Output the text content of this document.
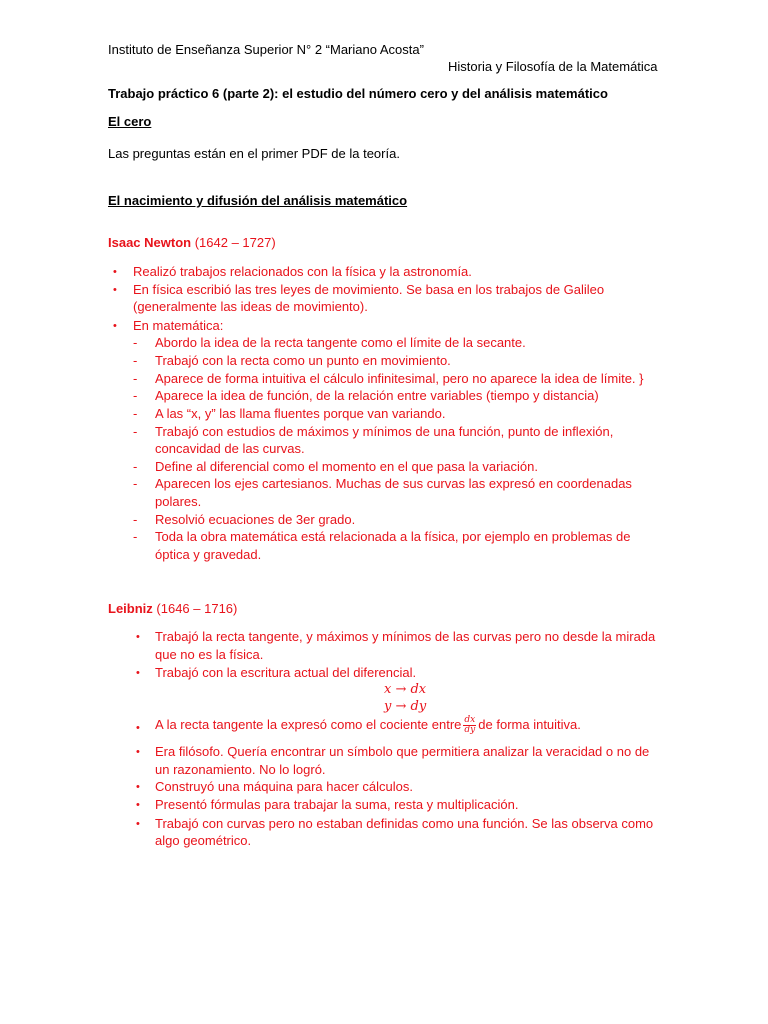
Instituto de Enseñanza Superior N° 2 “Mariano Acosta”
Historia y Filosofía de la Matemática
Trabajo práctico 6 (parte 2): el estudio del número cero y del análisis matemático
El cero
Las preguntas están en el primer PDF de la teoría.
El nacimiento y difusión del análisis matemático
Isaac Newton (1642 – 1727)
• Realizó trabajos relacionados con la física y la astronomía.
• En física escribió las tres leyes de movimiento. Se basa en los trabajos de Galileo
(generalmente las ideas de movimiento).
• En matemática:
- Abordo la idea de la recta tangente como el límite de la secante.
- Trabajó con la recta como un punto en movimiento.
- Aparece de forma intuitiva el cálculo infinitesimal, pero no aparece la idea de límite. }
- Aparece la idea de función, de la relación entre variables (tiempo y distancia)
- A las “x, y” las llama fluentes porque van variando.
- Trabajó con estudios de máximos y mínimos de una función, punto de inflexión,
concavidad de las curvas.
- Define al diferencial como el momento en el que pasa la variación.
- Aparecen los ejes cartesianos. Muchas de sus curvas las expresó en coordenadas
polares.
- Resolvió ecuaciones de 3er grado.
- Toda la obra matemática está relacionada a la física, por ejemplo en problemas de
óptica y gravedad.
Leibniz (1646 – 1716)
• Trabajó la recta tangente, y máximos y mínimos de las curvas pero no desde la mirada
que no es la física.
• Trabajó con la escritura actual del diferencial.
x → dx
y → dy
• A la recta tangente la expresó como el cociente entre $\frac{dx}{dy}$ de forma intuitiva.
• Era filósofo. Quería encontrar un símbolo que permitiera analizar la veracidad o no de
un razonamiento. No lo logró.
• Construyó una máquina para hacer cálculos.
• Presentó fórmulas para trabajar la suma, resta y multiplicación.
• Trabajó con curvas pero no estaban definidas como una función. Se las observa como
algo geométrico.
